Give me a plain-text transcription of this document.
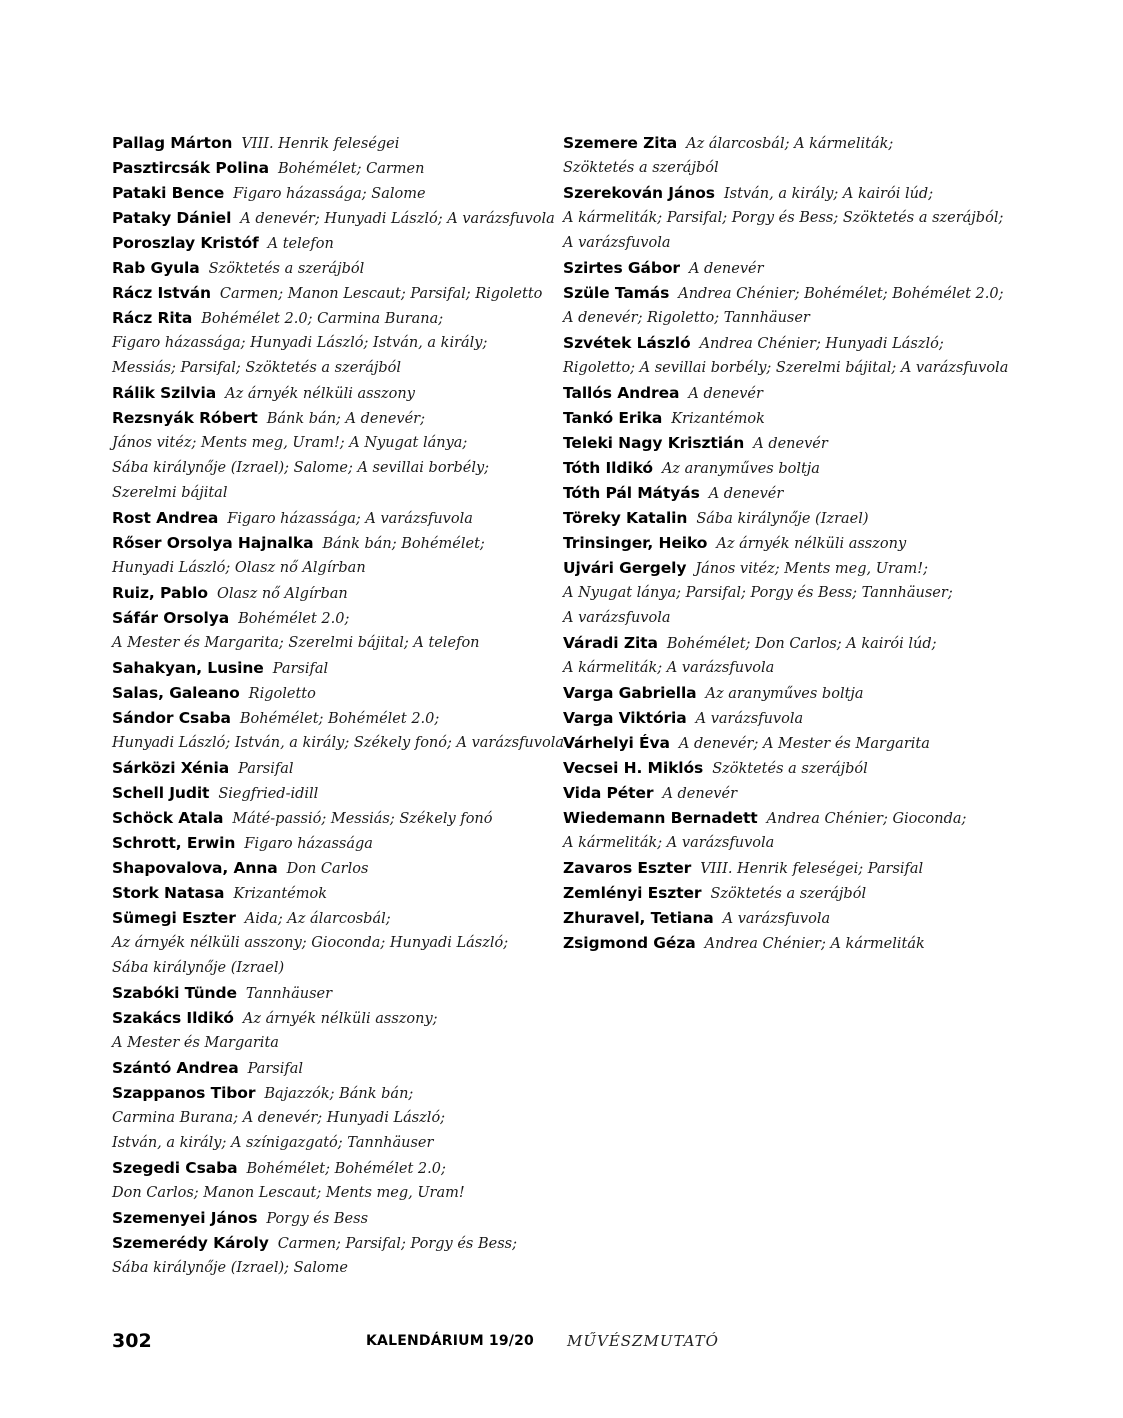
Pallag Márton VIII. Henrik feleségei
Pasztircsák Polina Bohémélet; Carmen
Pataki Bence Figaro házassága; Salome
Pataky Dániel A denevér; Hunyadi László; A varázsfuvola
Poroszlay Kristóf A telefon
Rab Gyula Szöktetés a szerájból
Rácz István Carmen; Manon Lescaut; Parsifal; Rigoletto
Rácz Rita Bohémélet 2.0; Carmina Burana;
Figaro házassága; Hunyadi László; István, a király;
Messiás; Parsifal; Szöktetés a szerájból
Rálik Szilvia Az árnyék nélküli asszony
Rezsnyák Róbert Bánk bán; A denevér;
János vitéz; Ments meg, Uram!; A Nyugat lánya;
Sába királynője (Izrael); Salome; A sevillai borbély;
Szerelmi bájital
Rost Andrea Figaro házassága; A varázsfuvola
Rőser Orsolya Hajnalka Bánk bán; Bohémélet;
Hunyadi László; Olasz nő Algírban
Ruiz, Pablo Olasz nő Algírban
Sáfár Orsolya Bohémélet 2.0;
A Mester és Margarita; Szerelmi bájital; A telefon
Sahakyan, Lusine Parsifal
Salas, Galeano Rigoletto
Sándor Csaba Bohémélet; Bohémélet 2.0;
Hunyadi László; István, a király; Székely fonó; A varázsfuvola
Sárközi Xénia Parsifal
Schell Judit Siegfried-idill
Schöck Atala Máté-passió; Messiás; Székely fonó
Schrott, Erwin Figaro házassága
Shapovalova, Anna Don Carlos
Stork Natasa Krizantémok
Sümegi Eszter Aida; Az álarcosbál;
Az árnyék nélküli asszony; Gioconda; Hunyadi László;
Sába királynője (Izrael)
Szabóki Tünde Tannhäuser
Szakács Ildikó Az árnyék nélküli asszony;
A Mester és Margarita
Szántó Andrea Parsifal
Szappanos Tibor Bajazzók; Bánk bán;
Carmina Burana; A denevér; Hunyadi László;
István, a király; A színigazgató; Tannhäuser
Szegedi Csaba Bohémélet; Bohémélet 2.0;
Don Carlos; Manon Lescaut; Ments meg, Uram!
Szemenyei János Porgy és Bess
Szemerédy Károly Carmen; Parsifal; Porgy és Bess;
Sába királynője (Izrael); Salome
Szemere Zita Az álarcosbál; A kármeliták;
Szöktetés a szerájból
Szerekován János István, a király; A kairói lúd;
A kármeliták; Parsifal; Porgy és Bess; Szöktetés a szerájból;
A varázsfuvola
Szirtes Gábor A denevér
Szüle Tamás Andrea Chénier; Bohémélet; Bohémélet 2.0;
A denevér; Rigoletto; Tannhäuser
Szvétek László Andrea Chénier; Hunyadi László;
Rigoletto; A sevillai borbély; Szerelmi bájital; A varázsfuvola
Tallós Andrea A denevér
Tankó Erika Krizantémok
Teleki Nagy Krisztián A denevér
Tóth Ildikó Az aranyműves boltja
Tóth Pál Mátyás A denevér
Töreky Katalin Sába királynője (Izrael)
Trinsinger, Heiko Az árnyék nélküli asszony
Ujvári Gergely János vitéz; Ments meg, Uram!;
A Nyugat lánya; Parsifal; Porgy és Bess; Tannhäuser;
A varázsfuvola
Váradi Zita Bohémélet; Don Carlos; A kairói lúd;
A kármeliták; A varázsfuvola
Varga Gabriella Az aranyműves boltja
Varga Viktória A varázsfuvola
Várhelyi Éva A denevér; A Mester és Margarita
Vecsei H. Miklós Szöktetés a szerájból
Vida Péter A denevér
Wiedemann Bernadett Andrea Chénier; Gioconda;
A kármeliták; A varázsfuvola
Zavaros Eszter VIII. Henrik feleségei; Parsifal
Zemlényi Eszter Szöktetés a szerájból
Zhuravel, Tetiana A varázsfuvola
Zsigmond Géza Andrea Chénier; A kármeliták
302	KALENDÁRIUM 19/20 MŰVÉSZMUTATÓ
